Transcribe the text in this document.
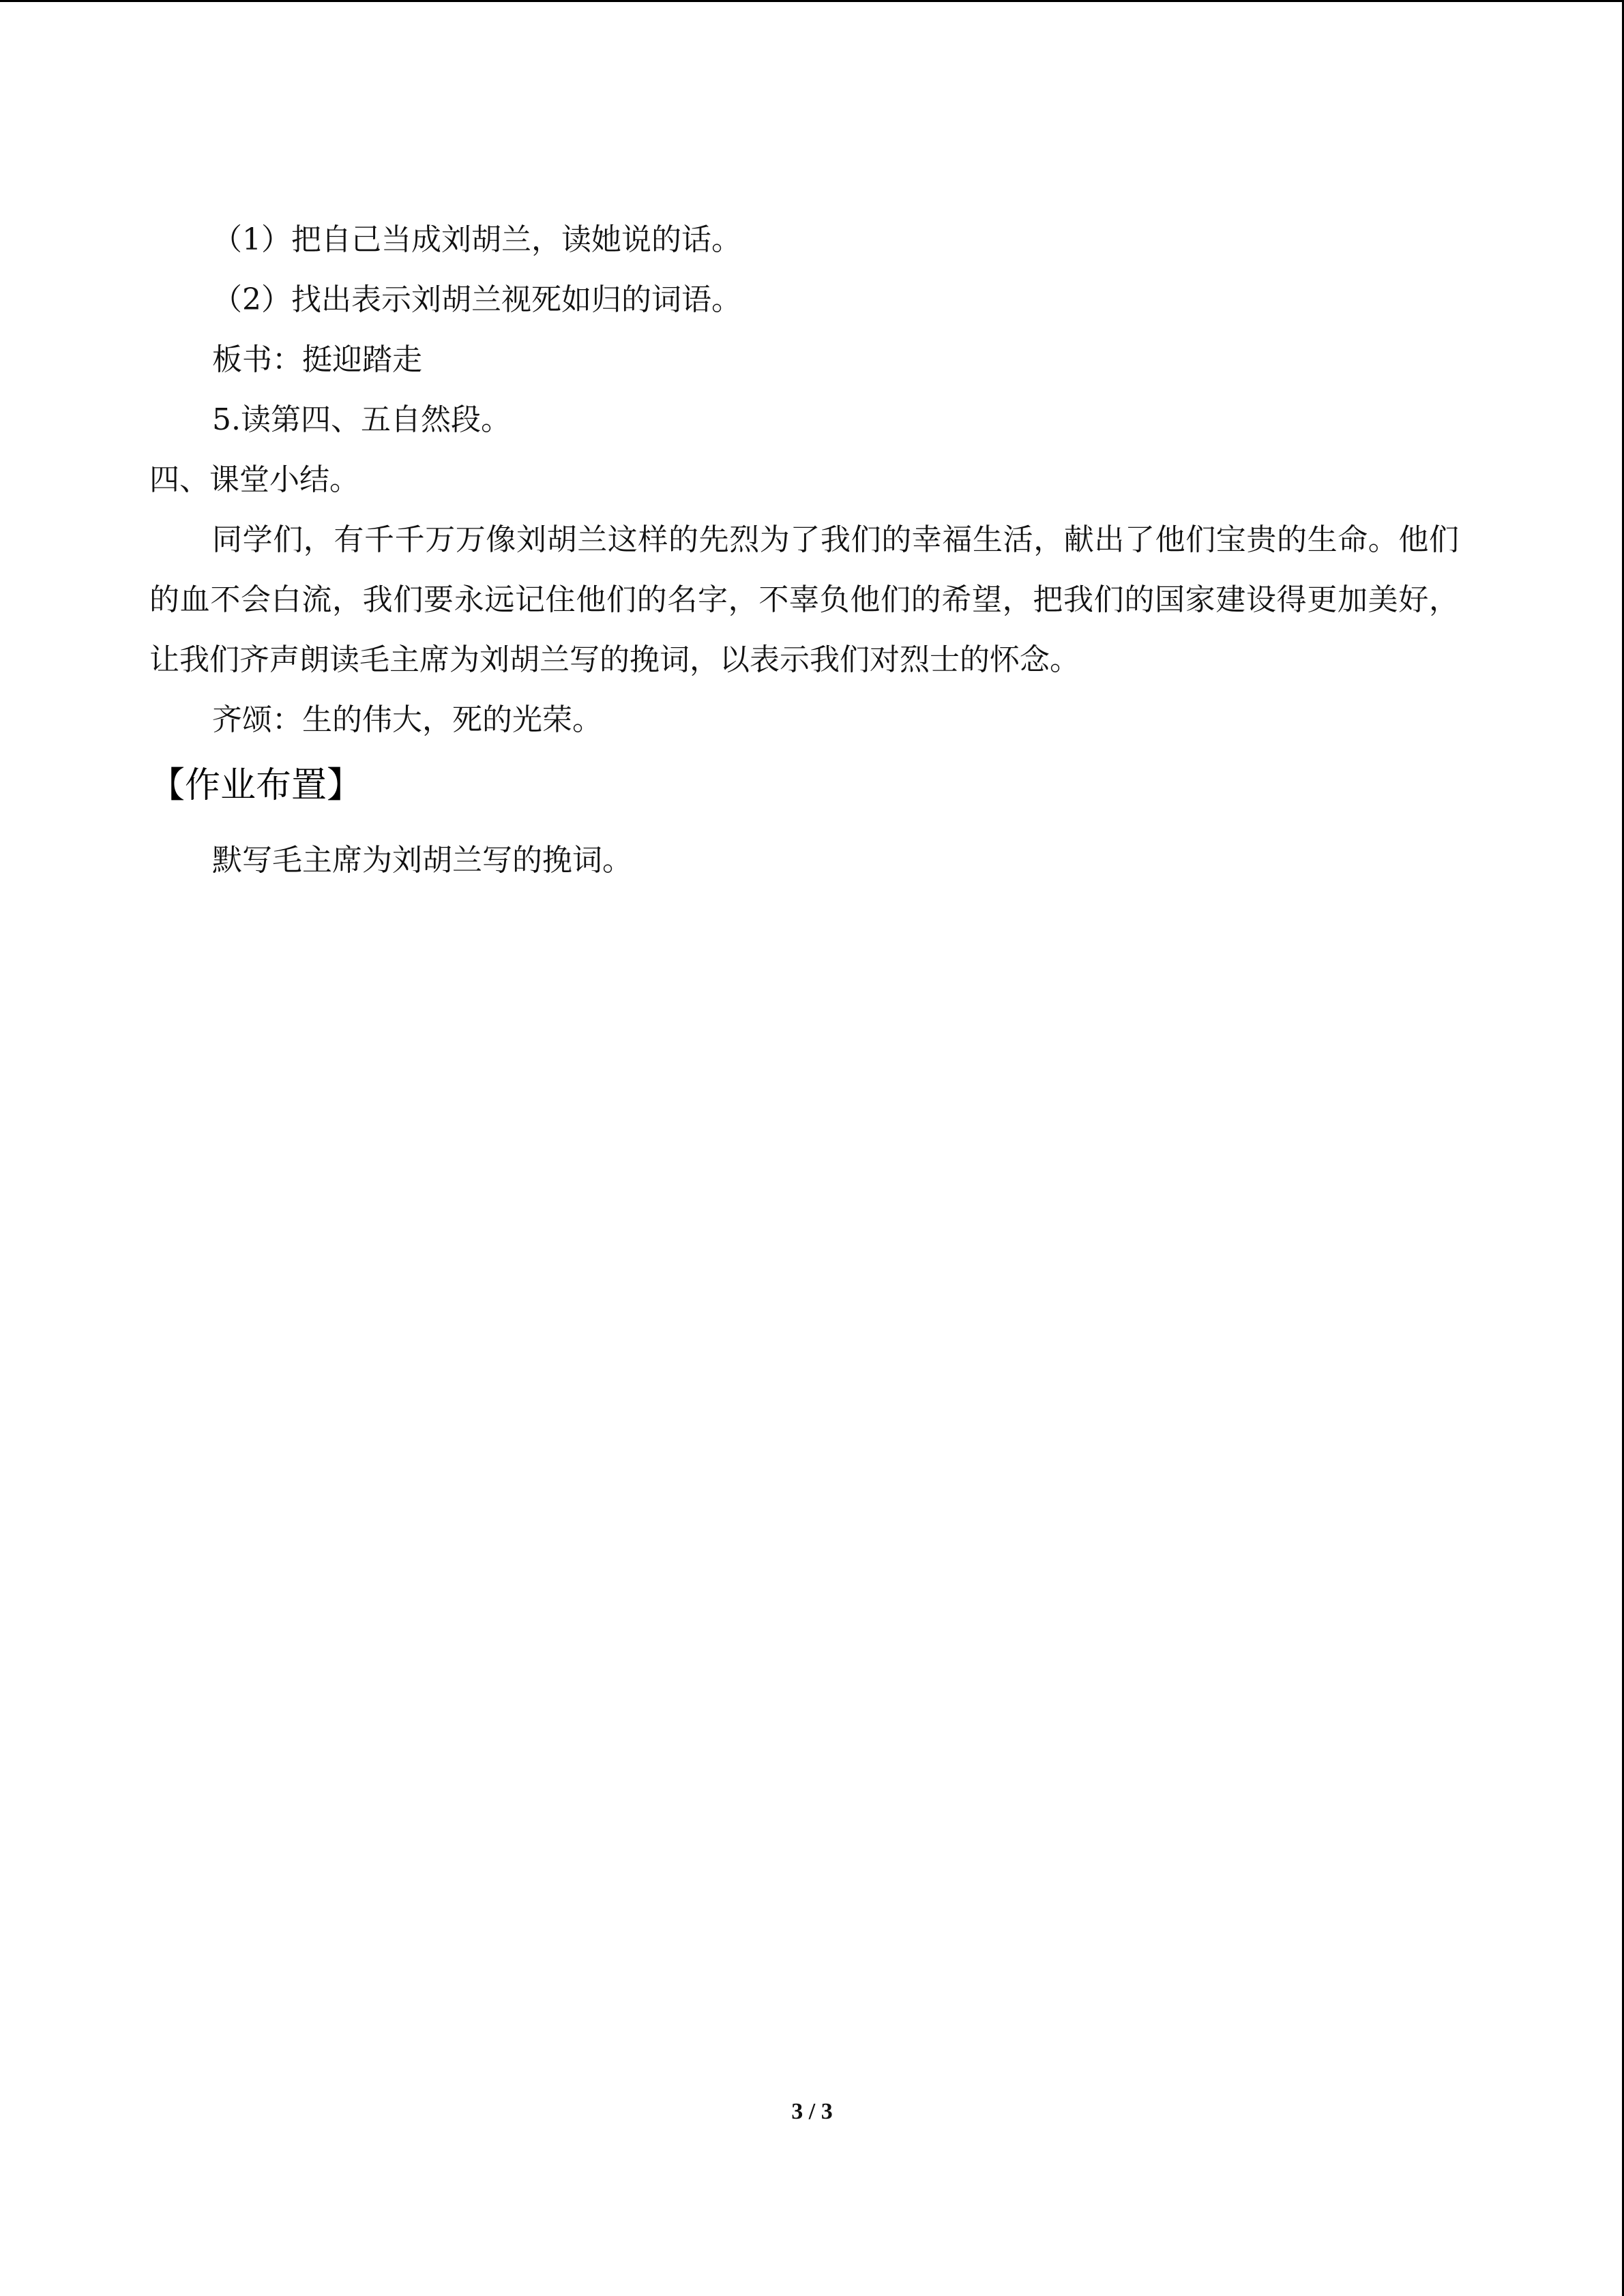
（1）把自己当成刘胡兰，读她说的话。
（2）找出表示刘胡兰视死如归的词语。
板书：挺迎踏走
5.读第四、五自然段。
四、课堂小结。
同学们，有千千万万像刘胡兰这样的先烈为了我们的幸福生活，献出了他们宝贵的生命。他们的血不会白流，我们要永远记住他们的名字，不辜负他们的希望，把我们的国家建设得更加美好，让我们齐声朗读毛主席为刘胡兰写的挽词，以表示我们对烈士的怀念。
齐颂：生的伟大，死的光荣。
【作业布置】
默写毛主席为刘胡兰写的挽词。
3 / 3
